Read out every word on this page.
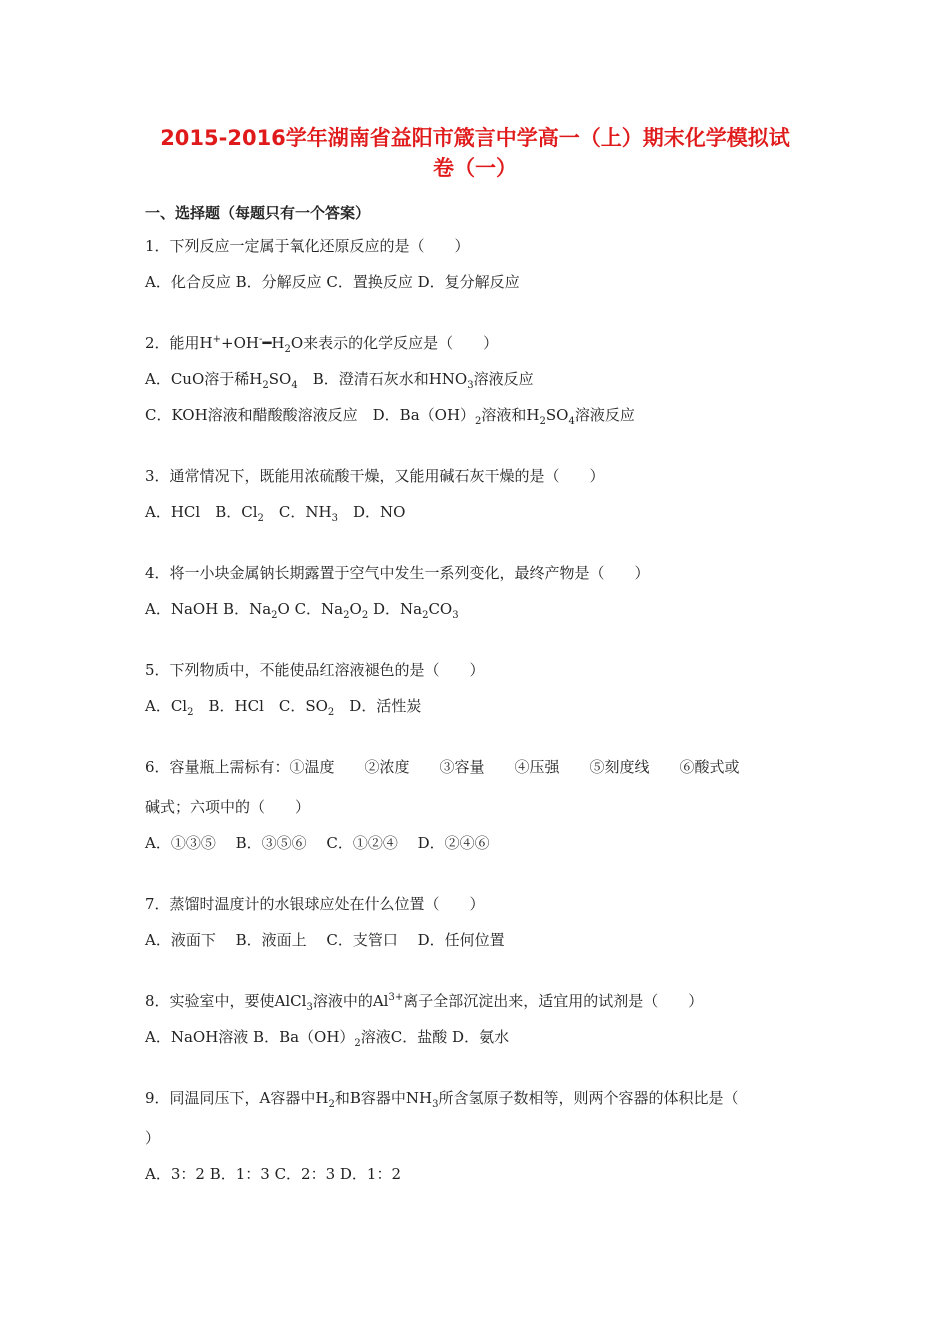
2015-2016学年湖南省益阳市箴言中学高一（上）期末化学模拟试
卷（一）
一、选择题（每题只有一个答案）
1．下列反应一定属于氧化还原反应的是（　　）
A．化合反应 B．分解反应 C．置换反应 D．复分解反应
2．能用$H^++OH^-━H_2O$来表示的化学反应是（　　）
A．CuO溶于稀$H_2SO_4$　B．澄清石灰水和$HNO_3$溶液反应
C．KOH溶液和醋酸酸溶液反应　D．$Ba(OH)_2$溶液和$H_2SO_4$溶液反应
3．通常情况下，既能用浓硫酸干燥，又能用碱石灰干燥的是（　　）
A．HCl　B．$Cl_2$　C．$NH_3$　D．NO
4．将一小块金属钠长期露置于空气中发生一系列变化，最终产物是（　　）
A．NaOH B．$Na_2O$ C．$Na_2O_2$ D．$Na_2CO_3$
5．下列物质中，不能使品红溶液褪色的是（　　）
A．$Cl_2$　B．HCl　C．$SO_2$　D．活性炭
6．容量瓶上需标有：①温度　　②浓度　　③容量　　④压强　　⑤刻度线　　⑥酸式或
碱式；六项中的（　　）
A．①③⑤　 B．③⑤⑥　 C．①②④　 D．②④⑥
7．蒸馏时温度计的水银球应处在什么位置（　　）
A．液面下　 B．液面上　 C．支管口　 D．任何位置
8．实验室中，要使AlCl$_3$溶液中的$Al^{3+}$离子全部沉淀出来，适宜用的试剂是（　　）
A．NaOH溶液 B．$Ba(OH)_2$溶液C．盐酸 D．氨水
9．同温同压下，A容器中$H_2$和B容器中$NH_3$所含氢原子数相等，则两个容器的体积比是（
）
A．3：2 B．1：3 C．2：3 D．1：2
